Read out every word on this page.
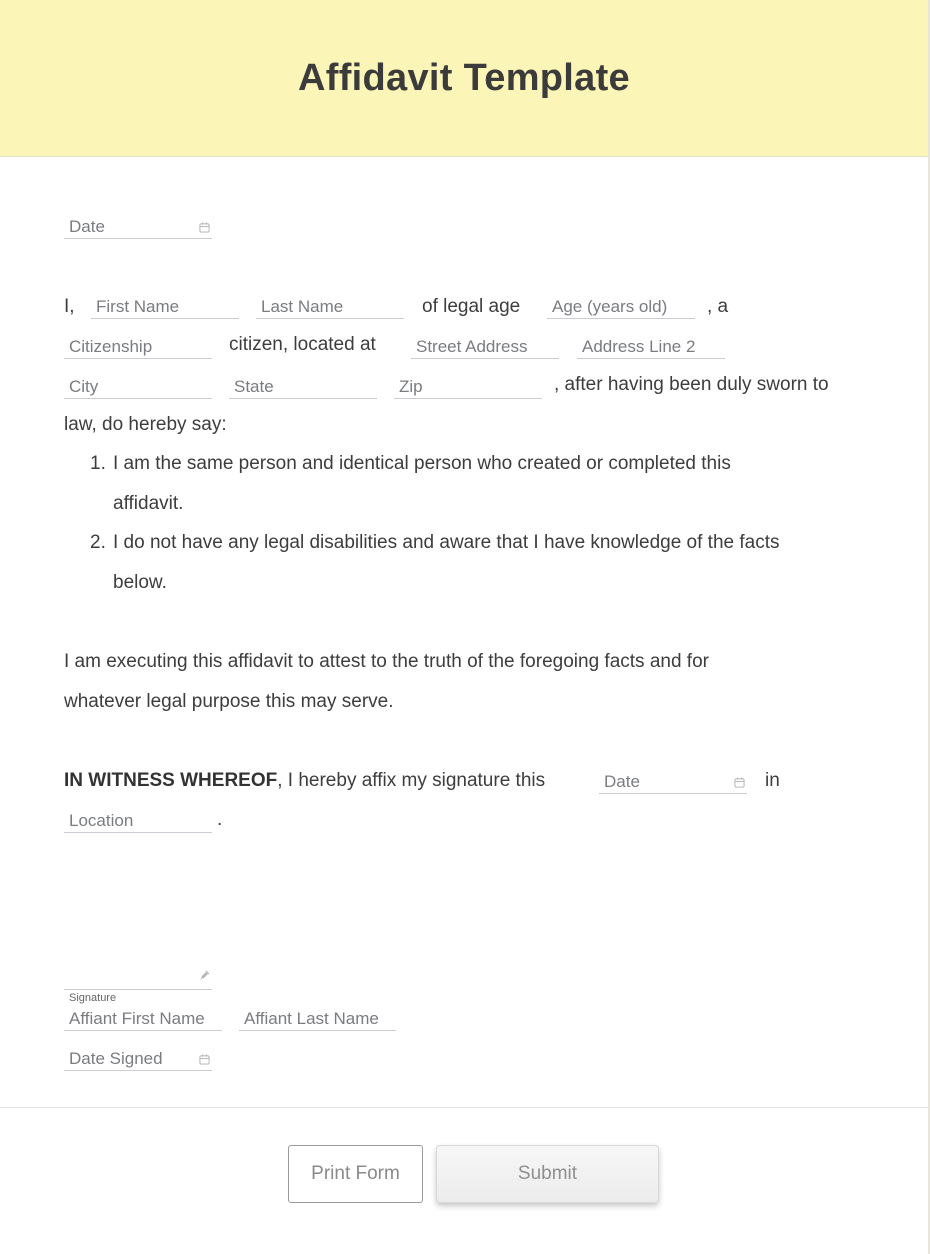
Affidavit Template
Date
I,
First Name
Last Name	of legal age
Age (years old)	, a
Citizenship
citizen, located at
Street Address
Address Line 2
City
State
Zip
, after having been duly sworn to
law, do hereby say:
1. I am the same person and identical person who created or completed this
affidavit.
2. I do not have any legal disabilities and aware that I have knowledge of the facts
below.
I am executing this affidavit to attest to the truth of the foregoing facts and for
whatever legal purpose this may serve.
IN WITNESS WHEREOF, I hereby affix my signature this
Date	in
Location
.
Signature
Affiant First Name
Affiant Last Name
Date Signed
Print Form	Submit
